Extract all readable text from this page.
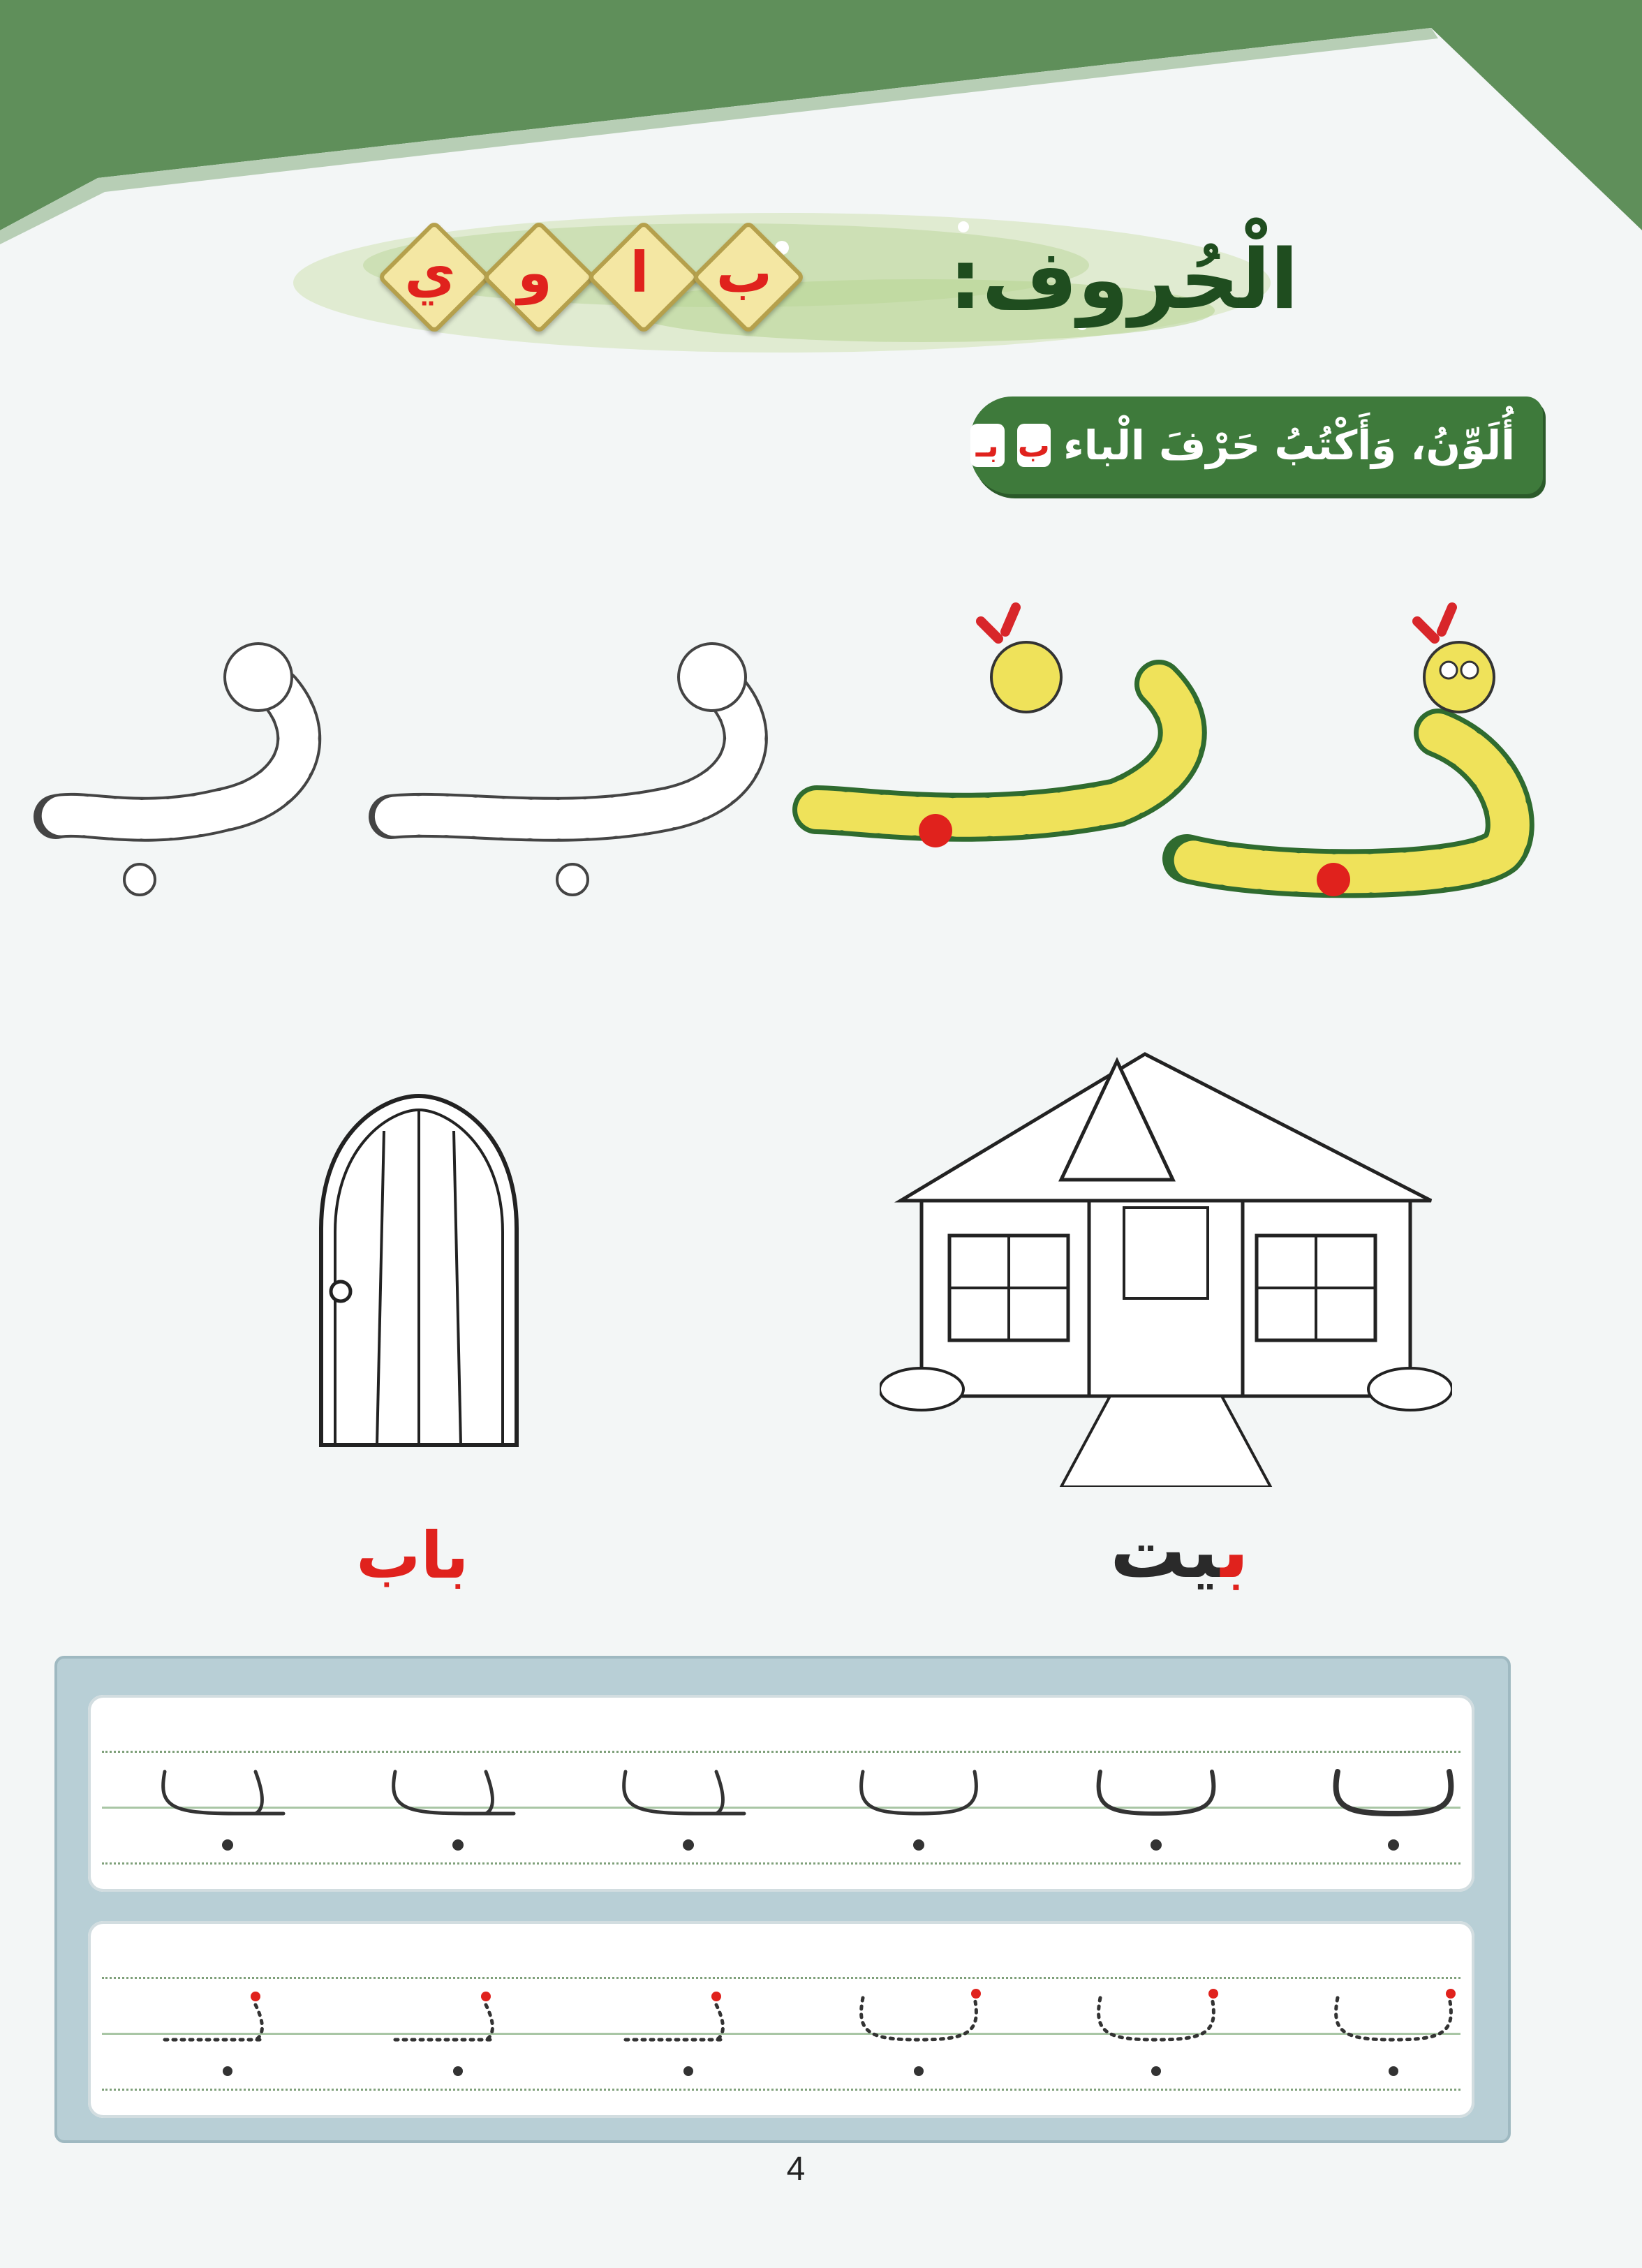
ي	و	ا	ب	الْحُروف
:
أُلَوِّنُ، وَأَكْتُبُ حَرْفَ الْباء
ب
بـ
بيت
باب
4
